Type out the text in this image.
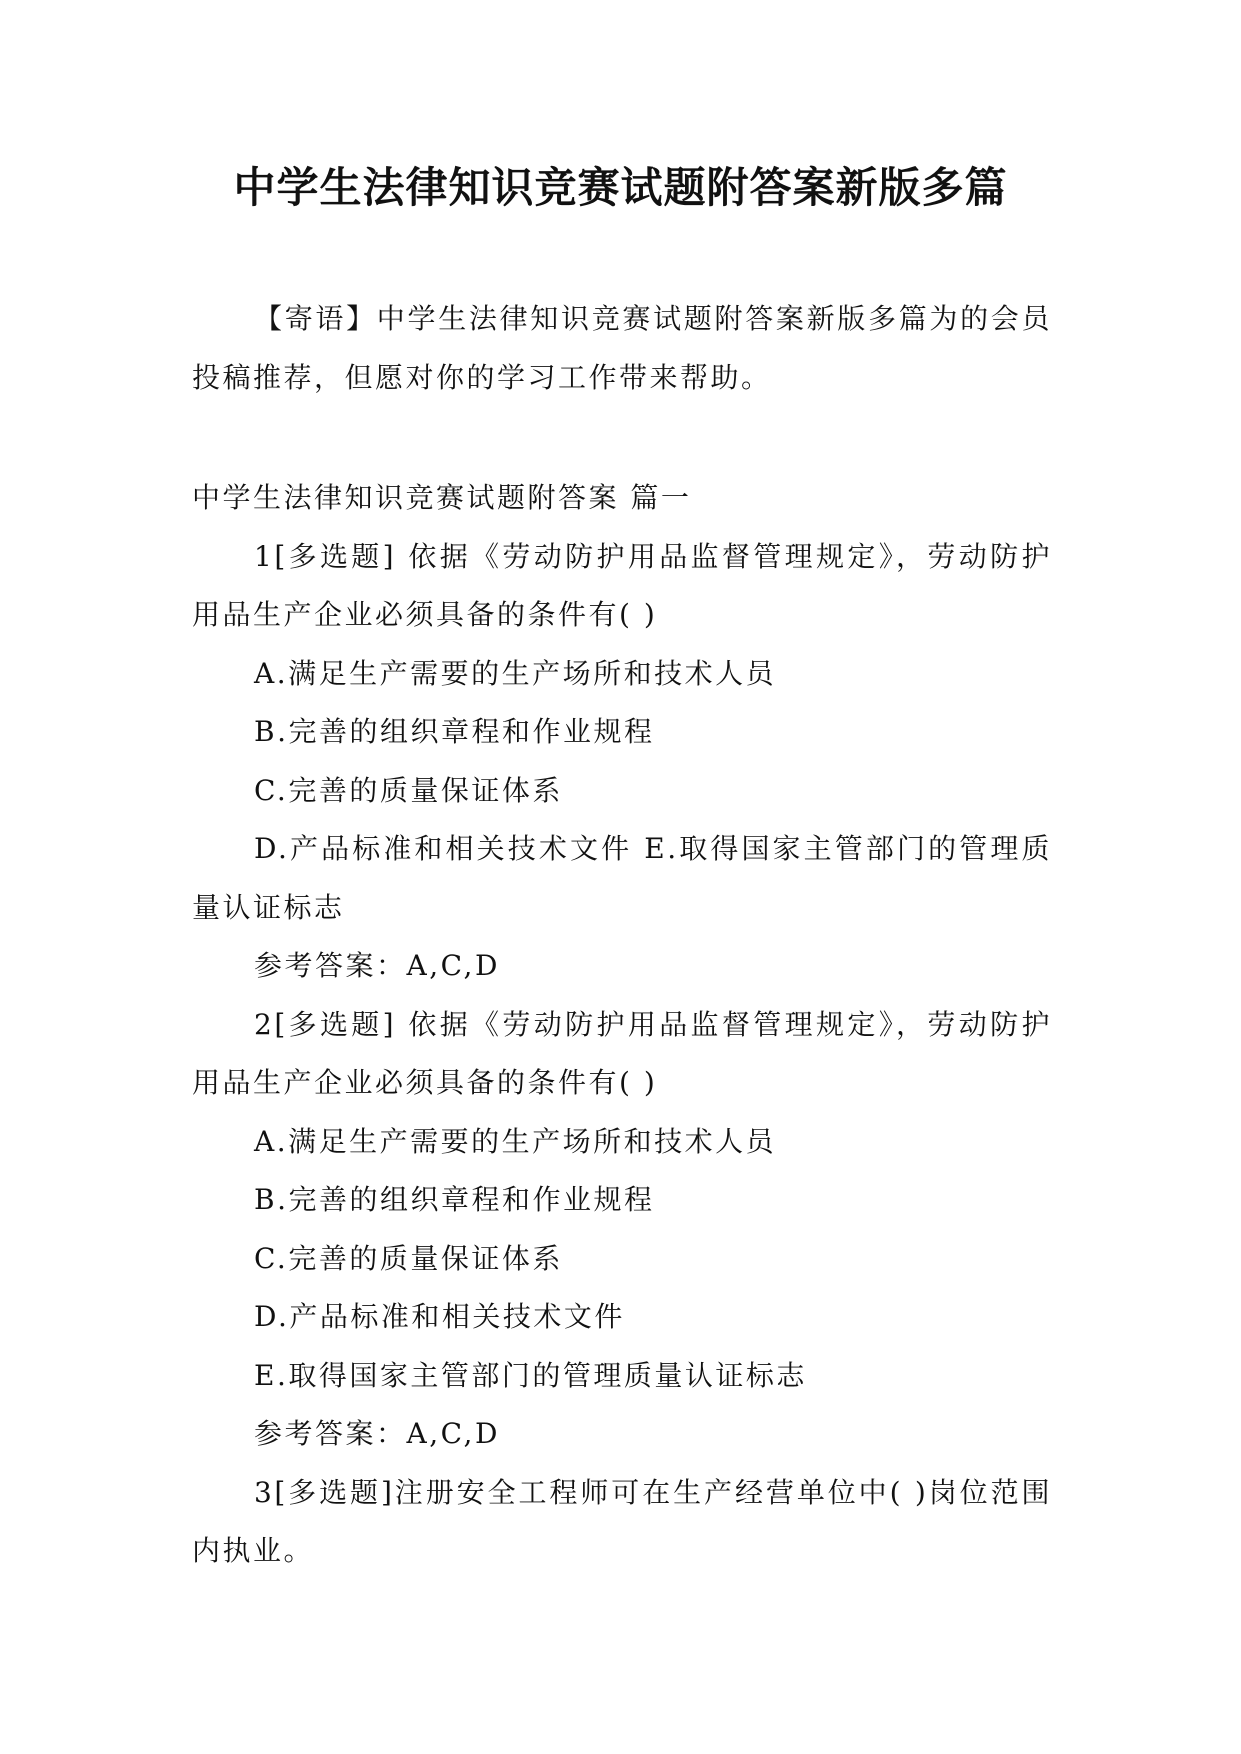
中学生法律知识竞赛试题附答案新版多篇

【寄语】中学生法律知识竞赛试题附答案新版多篇为的会员投稿推荐，但愿对你的学习工作带来帮助。

中学生法律知识竞赛试题附答案 篇一

1[多选题] 依据《劳动防护用品监督管理规定》，劳动防护用品生产企业必须具备的条件有( )

A.满足生产需要的生产场所和技术人员

B.完善的组织章程和作业规程

C.完善的质量保证体系

D.产品标准和相关技术文件 E.取得国家主管部门的管理质量认证标志

参考答案：A,C,D

2[多选题] 依据《劳动防护用品监督管理规定》，劳动防护用品生产企业必须具备的条件有( )

A.满足生产需要的生产场所和技术人员

B.完善的组织章程和作业规程

C.完善的质量保证体系

D.产品标准和相关技术文件

E.取得国家主管部门的管理质量认证标志

参考答案：A,C,D

3[多选题]注册安全工程师可在生产经营单位中( )岗位范围内执业。
